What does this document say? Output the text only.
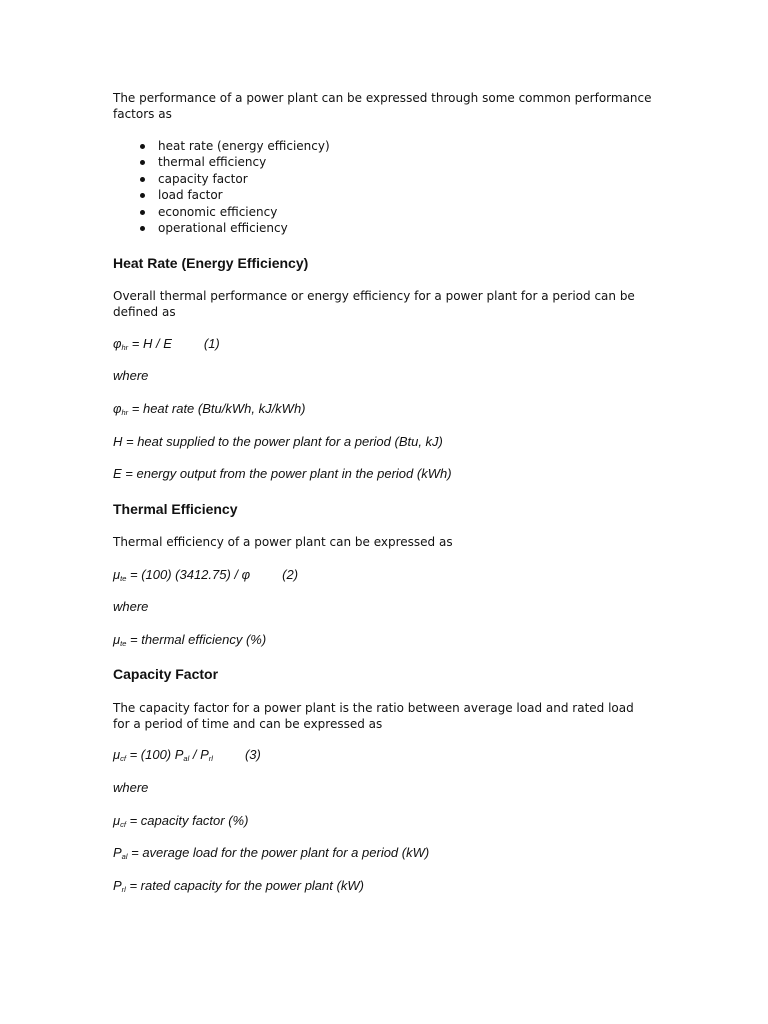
The performance of a power plant can be expressed through some common performance factors as

heat rate (energy efficiency)
thermal efficiency
capacity factor
load factor
economic efficiency
operational efficiency
Heat Rate (Energy Efficiency)

Overall thermal performance or energy efficiency for a power plant for a period can be defined as

$\varphi_{hr} = H / E$ (1)
where
$\varphi_{hr}$ = heat rate (Btu/kWh, kJ/kWh)
H = heat supplied to the power plant for a period (Btu, kJ)
E = energy output from the power plant in the period (kWh)
Thermal Efficiency

Thermal efficiency of a power plant can be expressed as

$\mu_{te} = (100)$ (3412.75) / φ (2)
where
$\mu_{te}$ = thermal efficiency (%)
Capacity Factor

The capacity factor for a power plant is the ratio between average load and rated load for a period of time and can be expressed as

$\mu_{cf} = (100)$ $P_{al} / P_{rl}$ (3)
where
$\mu_{cf}$ = capacity factor (%)
$P_{al}$ = average load for the power plant for a period (kW)
$P_{rl}$ = rated capacity for the power plant (kW)
